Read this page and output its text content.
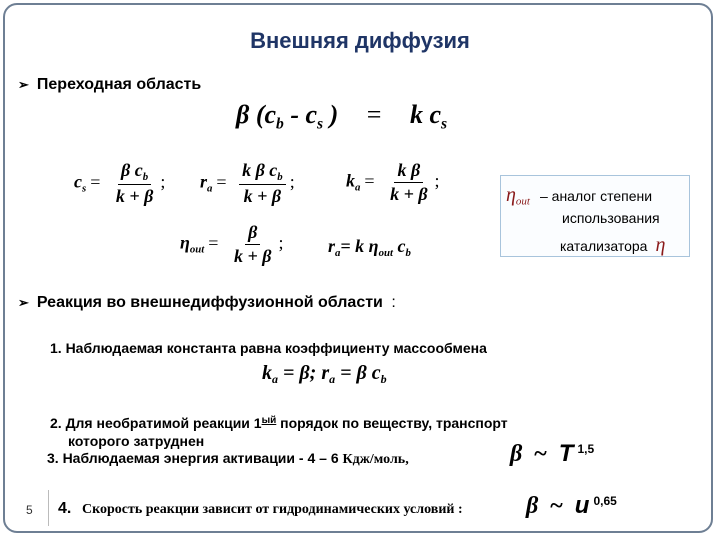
Внешняя диффузия
➢ Переходная область
β ($c_b - c_s$ ) = k $c_s$
$c_s = \frac{\beta c_b}{k + \beta}$ ; $r_a = \frac{k \beta c_b}{k + \beta}$ ;	$k_a = \frac{\text{k β}}{k + \beta}$ ;
$\eta_{out} = \frac{\beta}{k + \beta}$ ; $r_a= k$ $\eta_{out}$ $c_b$
$\eta_{out}$ – аналог степени
использования
катализатора η
➢ Реакция во внешнедиффузионной области :
1. Наблюдаемая константа равна коэффициенту массообмена
$k_a = \beta$; $r_a = \beta$ $c_b$
2. Для необратимой реакции $1^{ый}$ порядок по веществу, транспорт
которого затруднен
3. Наблюдаемая энергия активации - 4 – 6 Кдж/моль,	β ~ T $^{1,5}$
5 4. Скорость реакции зависит от гидродинамических условий :	β ~ u $^{0,65}$
